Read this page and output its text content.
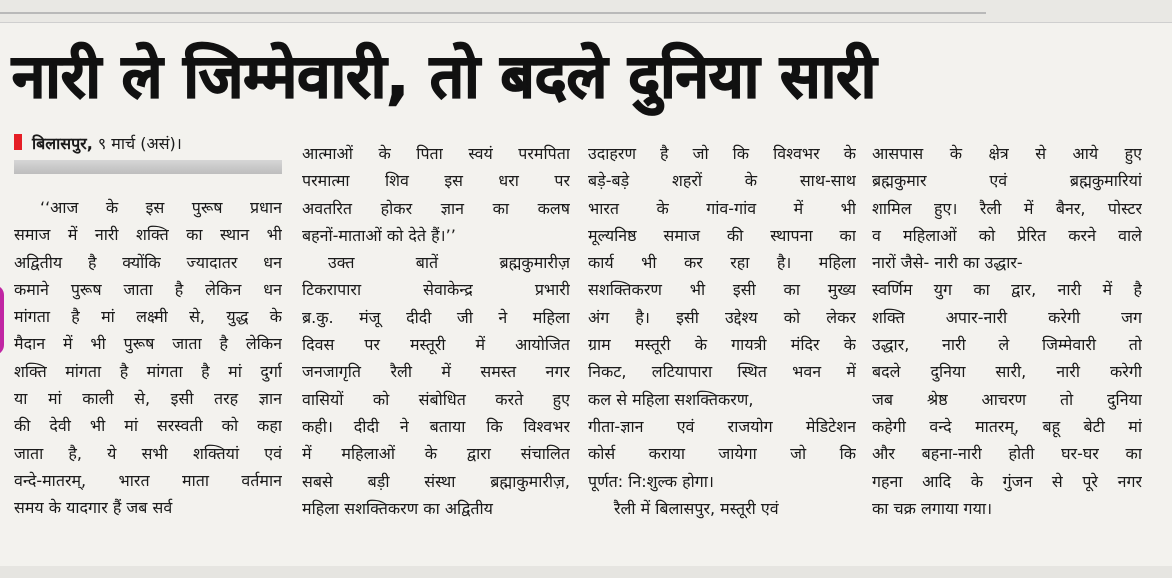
नारी ले जिम्मेवारी, तो बदले दुनिया सारी
बिलासपुर, ९ मार्च (असं)।
‘‘आज के इस पुरूष प्रधान
समाज में नारी शक्ति का स्थान भी
अद्वितीय है क्योंकि ज्यादातर धन
कमाने पुरूष जाता है लेकिन धन
मांगता है मां लक्ष्मी से, युद्ध के
मैदान में भी पुरूष जाता है लेकिन
शक्ति मांगता है मांगता है मां दुर्गा
या मां काली से, इसी तरह ज्ञान
की देवी भी मां सरस्वती को कहा
जाता है, ये सभी शक्तियां एवं
वन्दे-मातरम्‌, भारत माता वर्तमान
समय के यादगार हैं जब सर्व
आत्माओं के पिता स्वयं परमपिता
परमात्मा शिव इस धरा पर
अवतरित होकर ज्ञान का कलष
बहनों-माताओं को देते हैं।’’
उक्त बातें ब्रह्मकुमारीज़
टिकरापारा सेवाकेन्द्र प्रभारी
ब्र.कु. मंजू दीदी जी ने महिला
दिवस पर मस्तूरी में आयोजित
जनजागृति रैली में समस्त नगर
वासियों को संबोधित करते हुए
कही। दीदी ने बताया कि विश्वभर
में महिलाओं के द्वारा संचालित
सबसे बड़ी संस्था ब्रह्माकुमारीज़,
महिला सशक्तिकरण का अद्वितीय
उदाहरण है जो कि विश्वभर के
बड़े-बड़े शहरों के साथ-साथ
भारत के गांव-गांव में भी
मूल्यनिष्ठ समाज की स्थापना का
कार्य भी कर रहा है। महिला
सशक्तिकरण भी इसी का मुख्य
अंग है। इसी उद्देश्य को लेकर
ग्राम मस्तूरी के गायत्री मंदिर के
निकट, लटियापारा स्थित भवन में
कल से महिला सशक्तिकरण,
गीता-ज्ञान एवं राजयोग मेडिटेशन
कोर्स कराया जायेगा जो कि
पूर्णत: नि:शुल्क होगा।
रैली में बिलासपुर, मस्तूरी एवं
आसपास के क्षेत्र से आये हुए
ब्रह्मकुमार एवं ब्रह्मकुमारियां
शामिल हुए। रैली में बैनर, पोस्टर
व महिलाओं को प्रेरित करने वाले
नारों जैसे- नारी का उद्धार-
स्वर्णिम युग का द्वार, नारी में है
शक्ति अपार-नारी करेगी जग
उद्धार, नारी ले जिम्मेवारी तो
बदले दुनिया सारी, नारी करेगी
जब श्रेष्ठ आचरण तो दुनिया
कहेगी वन्दे मातरम्‌, बहू बेटी मां
और बहना-नारी होती घर-घर का
गहना आदि के गुंजन से पूरे नगर
का चक्र लगाया गया।
